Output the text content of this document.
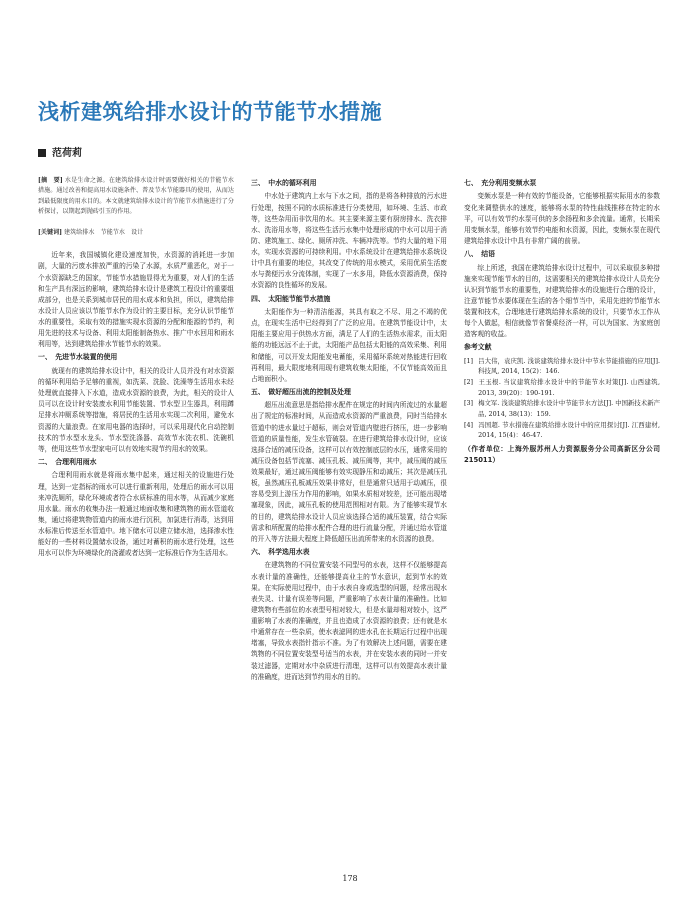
浅析建筑给排水设计的节能节水措施
范荷莉

[摘　要] 水是生命之源。在建筑给排水设计时需要做好相关的节能节水措施。通过改善和提高用水设施条件、普及节水节能器具的使用，从而达到最低限度的用水目的。本文就建筑给排水设计的节能节水措施进行了分析探讨，以期起到抛砖引玉的作用。

[关键词] 建筑给排水　节能节水　设计

近年来，我国城镇化建设速度加快，水资源的消耗进一步加剧，大量的污废水排放严重的污染了水源，水质严重恶化，对于一个水资源缺乏的国家，节能节水措施显得尤为重要，对人们的生活和生产具有深远的影响，建筑给排水设计是建筑工程设计的重要组成部分，也是关系到城市居民的用水成本和负担，所以，建筑给排水设计人员应该以节能节水作为设计的主要目标，充分认识节能节水的重要性，采取有效的措施实现水资源的分配和能源的节约，利用先进的技术与设备、利用太阳能制备热水、推广中水回用和雨水利用等，达到建筑给排水节能节水的效果。

一、　先进节水装置的使用

就现有的建筑给排水设计中，相关的设计人员并没有对水资源的循环利用给予足够的重视，如洗菜、洗脸、洗澡等生活用水未经处理就直接排入下水道，造成水资源的浪费，为此，相关的设计人员可以在设计时安装废水利用节能装置、节水型卫生器具，利用蹲足排水冲厕系统等措施，将居民的生活用水实现二次利用，避免水资源的大量浪费。在家用电器的选择时，可以采用现代化自动控制技术的节水型水龙头、节水型洗涤器、高效节水洗衣机、洗碗机等，使用这些节水型家电可以有效地实现节约用水的效果。

二、　合理利用雨水

合理利用雨水就是将雨水集中起来，通过相关的设施进行处理，达到一定指标的雨水可以进行重新利用，处理后的雨水可以用来冲洗厕所，绿化环境或者符合水质标准的用水等，从而减少家庭用水量。雨水的收集办法一般通过地面收集和建筑物的雨水管道收集，通过将建筑物管道内的雨水进行沉积，加氯进行消毒，达到用水标准后传送至水管道中。地下储水可以建立储水池，选择渗水性能好的一些材料设置储水设备，通过对蓄积的雨水进行处理，这些用水可以作为环境绿化的浇灌或者达到一定标准后作为生活用水。

三、　中水的循环利用

中水处于建筑内上水与下水之间，指的是将各种排放的污水进行处理，按照不同的水质标准进行分类使用，如环境、生活、市政等，这些杂用而非饮用的水。其主要来源主要有厨房排水、洗衣排水、洗浴用水等，将这些生活污水集中处理形成的中水可以用于消防、建筑施工、绿化、厕所冲洗、车辆冲洗等。节约大量的地下用水，实现水资源的可持续利用。中水系统设计在建筑给排水系统设计中具有重要的地位，其改变了传统的用水模式，采用优质生活废水与粪便污水分流体制，实现了一水多用，降低水资源消费，保持水资源的良性循环的发展。

四、　太阳能节能节水措施

太阳能作为一种清洁能源，其具有取之不尽、用之不竭的优点，在现实生活中已经得到了广泛的应用。在建筑节能设计中，太阳能主要应用于供热水方面，满足了人们的生活热水需求，而太阳能的功能远远不止于此，太阳能产品包括太阳能的高效采集、利用和储能，可以开发太阳能发电蓄能，采用循环系统对热能进行回收再利用，最大限度地利用现有建筑收集太阳能，不仅节能高效而且占地面积小。

五、　做好超压出流的控制及处理

超压出流意思是指给排水配件在规定的时间内所流过的水量超出了规定的标准时间，从而造成水资源的严重浪费，同时当给排水管道中的进水量过于超标，则会对管道内壁进行挤压，进一步影响管道的质量性能，发生水管破裂。在进行建筑给排水设计时，应该选择合适的减压设备，这样可以有效控制底层的水压，通常采用的减压设备包括节流塞、减压孔板、减压阀等，其中，减压阀的减压效果最好，通过减压阀能够有效实现静压和动减压；其次是减压孔板，虽然减压孔板减压效果非常好，但是通常只适用于动减压，很容易受到上游压力作用的影响，如果水质相对较差，还可能出现堵塞现象，因此，减压孔板的使用范围相对有限。为了能够实现节水的目的，建筑给排水设计人员应该选择合适的减压装置，结合实际需求和所配置的给排水配件合理的进行流量分配，并通过给水管道的开入等方法最大程度上降低超压出流所带来的水资源的浪费。

六、　科学选用水表

在建筑物的不同位置安装不同型号的水表，这样不仅能够提高水表计量的准确性，还能够提高业主的节水意识，起到节水的效果。在实际使用过程中，由于水表自身或选型的问题，经常出现水表失灵、计量有误差等问题，严重影响了水表计量的准确性。比如建筑物有些部位的水表型号相对较大，但是水量却相对较小，这严重影响了水表的准确度，并且也造成了水资源的浪费；还有就是水中通常存在一些杂质，使水表滤网的进水孔在长期运行过程中出现堵塞，导致水表指针指示不准。为了有效解决上述问题，需要在建筑物的不同位置安装型号适当的水表，并在安装水表的同时一并安装过滤器，定期对水中杂质进行清理，这样可以有效提高水表计量的准确度，进而达到节约用水的目的。

七、　充分利用变频水泵

变频水泵是一种有效的节能设备，它能够根据实际用水的参数变化来调整供水的速度，能够将水泵的特性曲线推移在特定的水平，可以有效节约水泵可供的多余扬程和多余流量。通常，长期采用变频水泵，能够有效节约电能和水资源，因此，变频水泵在现代建筑给排水设计中具有非常广阔的前景。

八、　结语

综上所述，我国在建筑给排水设计过程中，可以采取很多种措施来实现节能节水的目的，这需要相关的建筑给排水设计人员充分认识到节能节水的重要性，对建筑给排水的设施进行合理的设计，注意节能节水要体现在生活的各个细节当中，采用先进的节能节水装置和技术，合理地进行建筑给排水系统的设计，只要节水工作从每个人做起，相信就像节省餐桌经济一样，可以为国家、为家庭创造客观的收益。

参考文献

[1] 吕大伟，袁庆凯. 浅谈建筑给排水设计中节水节能措施的应用[J]. 科技风, 2014, 15(2)：146.

[2] 王玉根. 当议建筑给排水设计中的节能节水对策[J]. 山西建筑, 2013, 39(20)：190-191.

[3] 梅文军. 浅谈建筑给排水设计中节能节水方法[J]. 中国新技术新产品, 2014, 38(13)：159.

[4] 冯国超. 节水措施在建筑给排水设计中的应用探讨[J]. 江西建材, 2014, 15(4)：46-47.

（作者单位：上海外服苏州人力资源服务分公司高新区分公司 215011）

178
